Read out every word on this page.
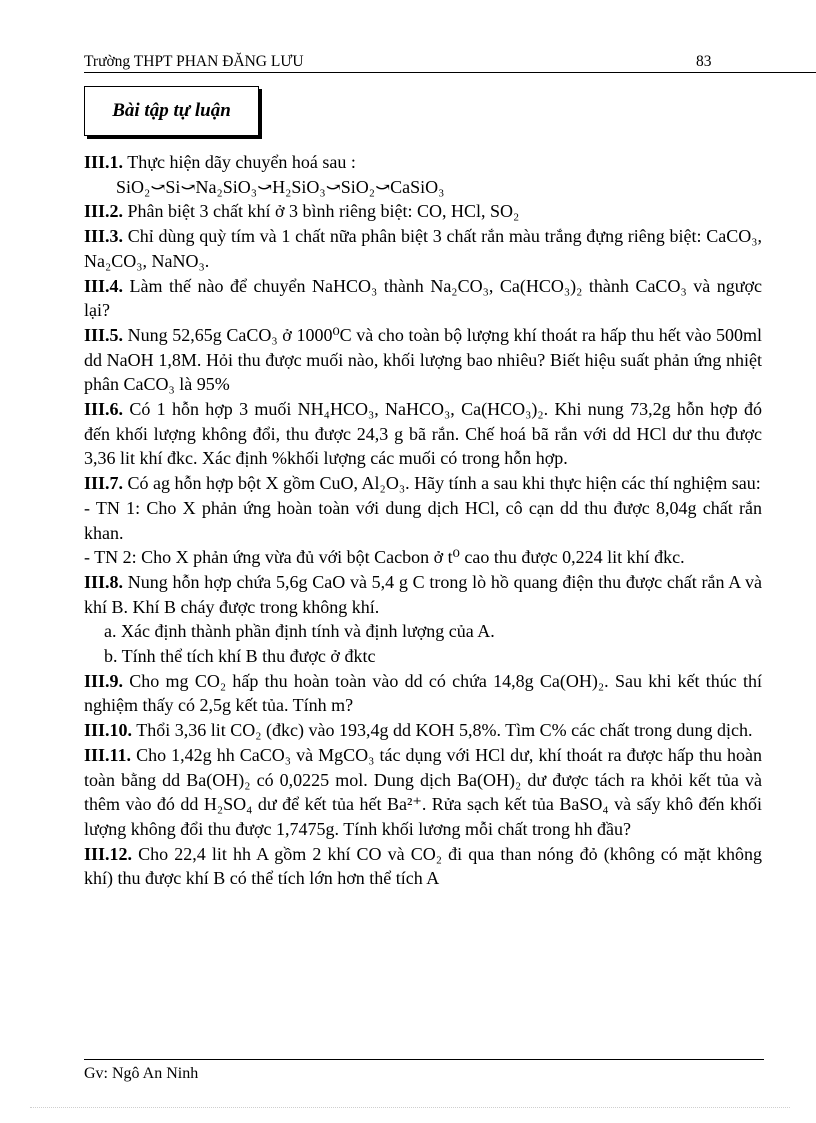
Trường THPT PHAN ĐĂNG LƯU	83
Bài tập tự luận

III.1. Thực hiện dãy chuyển hoá sau :

SiO₂⤻Si⤻Na₂SiO₃⤻H₂SiO₃⤻SiO₂⤻CaSiO₃

III.2. Phân biệt 3 chất khí ở 3 bình riêng biệt: CO, HCl, SO₂

III.3. Chỉ dùng quỳ tím và 1 chất nữa phân biệt 3 chất rắn màu trắng đựng riêng biệt: CaCO₃, Na₂CO₃, NaNO₃.

III.4. Làm thế nào để chuyển NaHCO₃ thành Na₂CO₃, Ca(HCO₃)₂ thành CaCO₃ và ngược lại?

III.5. Nung 52,65g CaCO₃ ở 1000⁰C và cho toàn bộ lượng khí thoát ra hấp thu hết vào 500ml dd NaOH 1,8M. Hỏi thu được muối nào, khối lượng bao nhiêu? Biết hiệu suất phản ứng nhiệt phân CaCO₃ là 95%

III.6. Có 1 hỗn hợp 3 muối NH₄HCO₃, NaHCO₃, Ca(HCO₃)₂. Khi nung 73,2g hỗn hợp đó đến khối lượng không đổi, thu được 24,3 g bã rắn. Chế hoá bã rắn với dd HCl dư thu được 3,36 lit khí đkc. Xác định %khối lượng các muối có trong hỗn hợp.

III.7. Có ag hỗn hợp bột X gồm CuO, Al₂O₃. Hãy tính a sau khi thực hiện các thí nghiệm sau:

- TN 1: Cho X phản ứng hoàn toàn với dung dịch HCl, cô cạn dd thu được 8,04g chất rắn khan.

- TN 2: Cho X phản ứng vừa đủ với bột Cacbon ở t⁰ cao thu được 0,224 lit khí đkc.

III.8. Nung hỗn hợp chứa 5,6g CaO và 5,4 g C trong lò hồ quang điện thu được chất rắn A và khí B. Khí B cháy được trong không khí.

a. Xác định thành phần định tính và định lượng của A.

b. Tính thể tích khí B thu được ở đktc

III.9. Cho mg CO₂ hấp thu hoàn toàn vào dd có chứa 14,8g Ca(OH)₂. Sau khi kết thúc thí nghiệm thấy có 2,5g kết tủa. Tính m?

III.10. Thổi 3,36 lit CO₂ (đkc) vào 193,4g dd KOH 5,8%. Tìm C% các chất trong dung dịch.

III.11. Cho 1,42g hh CaCO₃ và MgCO₃ tác dụng với HCl dư, khí thoát ra được hấp thu hoàn toàn bằng dd Ba(OH)₂ có 0,0225 mol. Dung dịch Ba(OH)₂ dư được tách ra khỏi kết tủa và thêm vào đó dd H₂SO₄ dư để kết tủa hết Ba²⁺. Rửa sạch kết tủa BaSO₄ và sấy khô đến khối lượng không đổi thu được 1,7475g. Tính khối lương mỗi chất trong hh đầu?

III.12. Cho 22,4 lit hh A gồm 2 khí CO và CO₂ đi qua than nóng đỏ (không có mặt không khí) thu được khí B có thể tích lớn hơn thể tích A

Gv: Ngô An Ninh
